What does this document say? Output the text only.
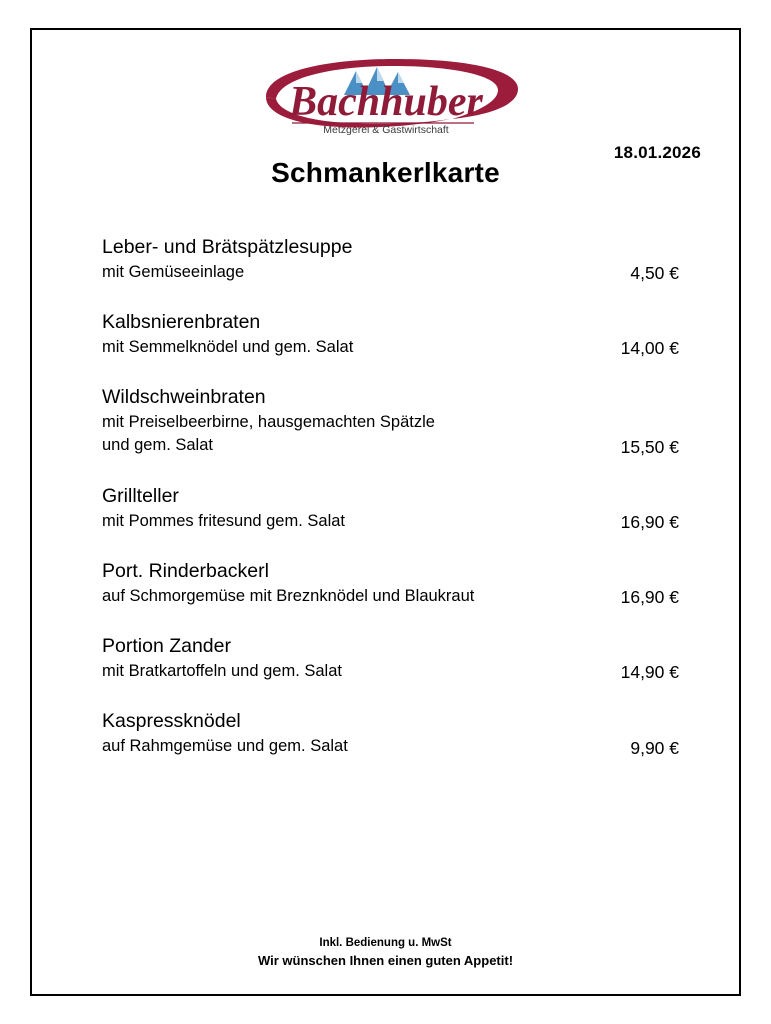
Bachhuber
Metzgerei & Gastwirtschaft
18.01.2026
Schmankerlkarte
Leber- und Brätspätzlesuppe
mit Gemüseeinlage	4,50 €
Kalbsnierenbraten
mit Semmelknödel und gem. Salat	14,00 €
Wildschweinbraten
mit Preiselbeerbirne, hausgemachten Spätzle
und gem. Salat	15,50 €
Grillteller
mit Pommes fritesund gem. Salat	16,90 €
Port. Rinderbackerl
auf Schmorgemüse mit Breznknödel und Blaukraut	16,90 €
Portion Zander
mit Bratkartoffeln und gem. Salat	14,90 €
Kaspressknödel
auf Rahmgemüse und gem. Salat	9,90 €
Inkl. Bedienung u. MwSt
Wir wünschen Ihnen einen guten Appetit!
